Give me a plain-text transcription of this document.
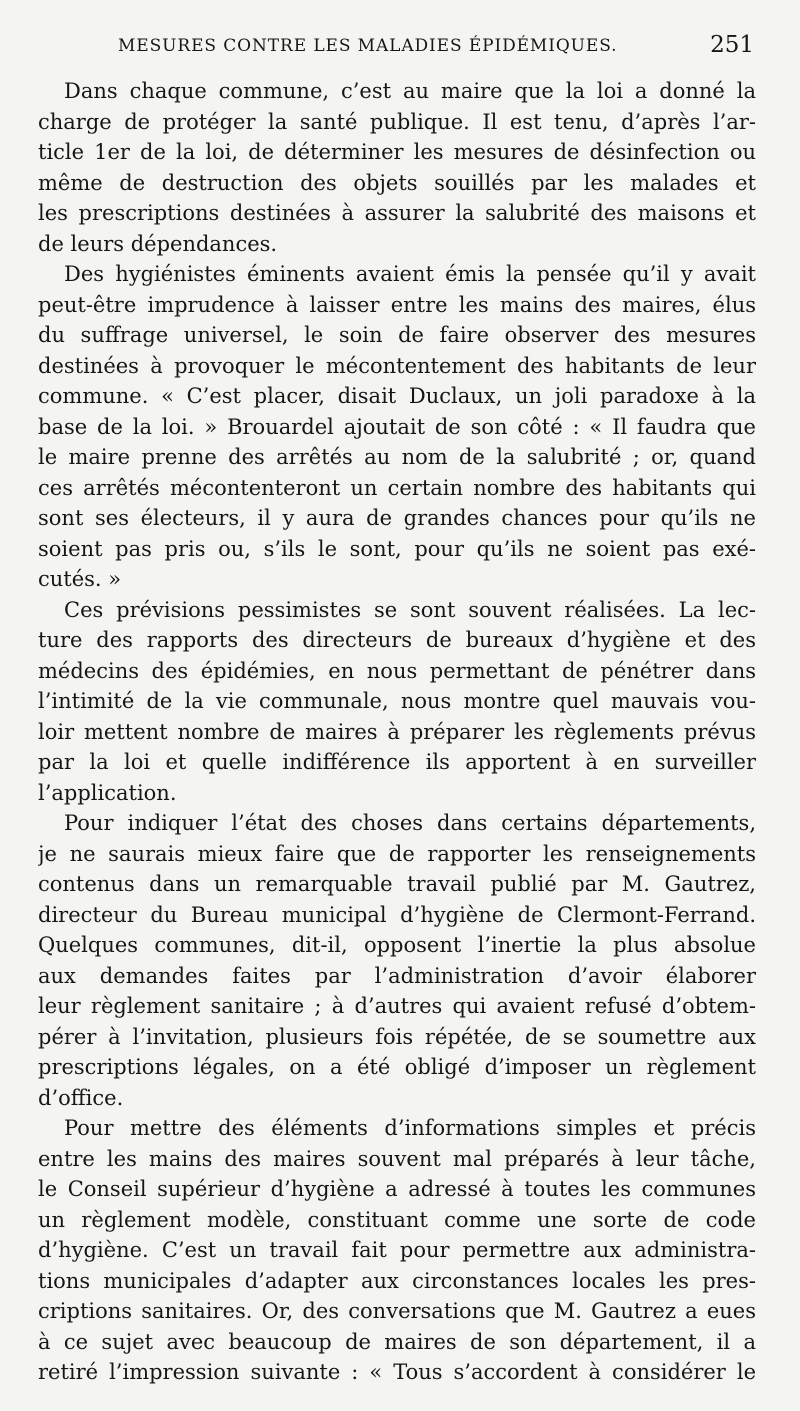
MESURES CONTRE LES MALADIES ÉPIDÉMIQUES.	251
Dans chaque commune, c’est au maire que la loi a donné la
charge de protéger la santé publique. Il est tenu, d’après l’ar-
ticle 1er de la loi, de déterminer les mesures de désinfection ou
même de destruction des objets souillés par les malades et
les prescriptions destinées à assurer la salubrité des maisons et
de leurs dépendances.
Des hygiénistes éminents avaient émis la pensée qu’il y avait
peut-être imprudence à laisser entre les mains des maires, élus
du suffrage universel, le soin de faire observer des mesures
destinées à provoquer le mécontentement des habitants de leur
commune. « C’est placer, disait Duclaux, un joli paradoxe à la
base de la loi. » Brouardel ajoutait de son côté : « Il faudra que
le maire prenne des arrêtés au nom de la salubrité ; or, quand
ces arrêtés mécontenteront un certain nombre des habitants qui
sont ses électeurs, il y aura de grandes chances pour qu’ils ne
soient pas pris ou, s’ils le sont, pour qu’ils ne soient pas exé-
cutés. »
Ces prévisions pessimistes se sont souvent réalisées. La lec-
ture des rapports des directeurs de bureaux d’hygiène et des
médecins des épidémies, en nous permettant de pénétrer dans
l’intimité de la vie communale, nous montre quel mauvais vou-
loir mettent nombre de maires à préparer les règlements prévus
par la loi et quelle indifférence ils apportent à en surveiller
l’application.
Pour indiquer l’état des choses dans certains départements,
je ne saurais mieux faire que de rapporter les renseignements
contenus dans un remarquable travail publié par M. Gautrez,
directeur du Bureau municipal d’hygiène de Clermont-Ferrand.
Quelques communes, dit-il, opposent l’inertie la plus absolue
aux demandes faites par l’administration d’avoir élaborer
leur règlement sanitaire ; à d’autres qui avaient refusé d’obtem-
pérer à l’invitation, plusieurs fois répétée, de se soumettre aux
prescriptions légales, on a été obligé d’imposer un règlement
d’office.
Pour mettre des éléments d’informations simples et précis
entre les mains des maires souvent mal préparés à leur tâche,
le Conseil supérieur d’hygiène a adressé à toutes les communes
un règlement modèle, constituant comme une sorte de code
d’hygiène. C’est un travail fait pour permettre aux administra-
tions municipales d’adapter aux circonstances locales les pres-
criptions sanitaires. Or, des conversations que M. Gautrez a eues
à ce sujet avec beaucoup de maires de son département, il a
retiré l’impression suivante : « Tous s’accordent à considérer le
